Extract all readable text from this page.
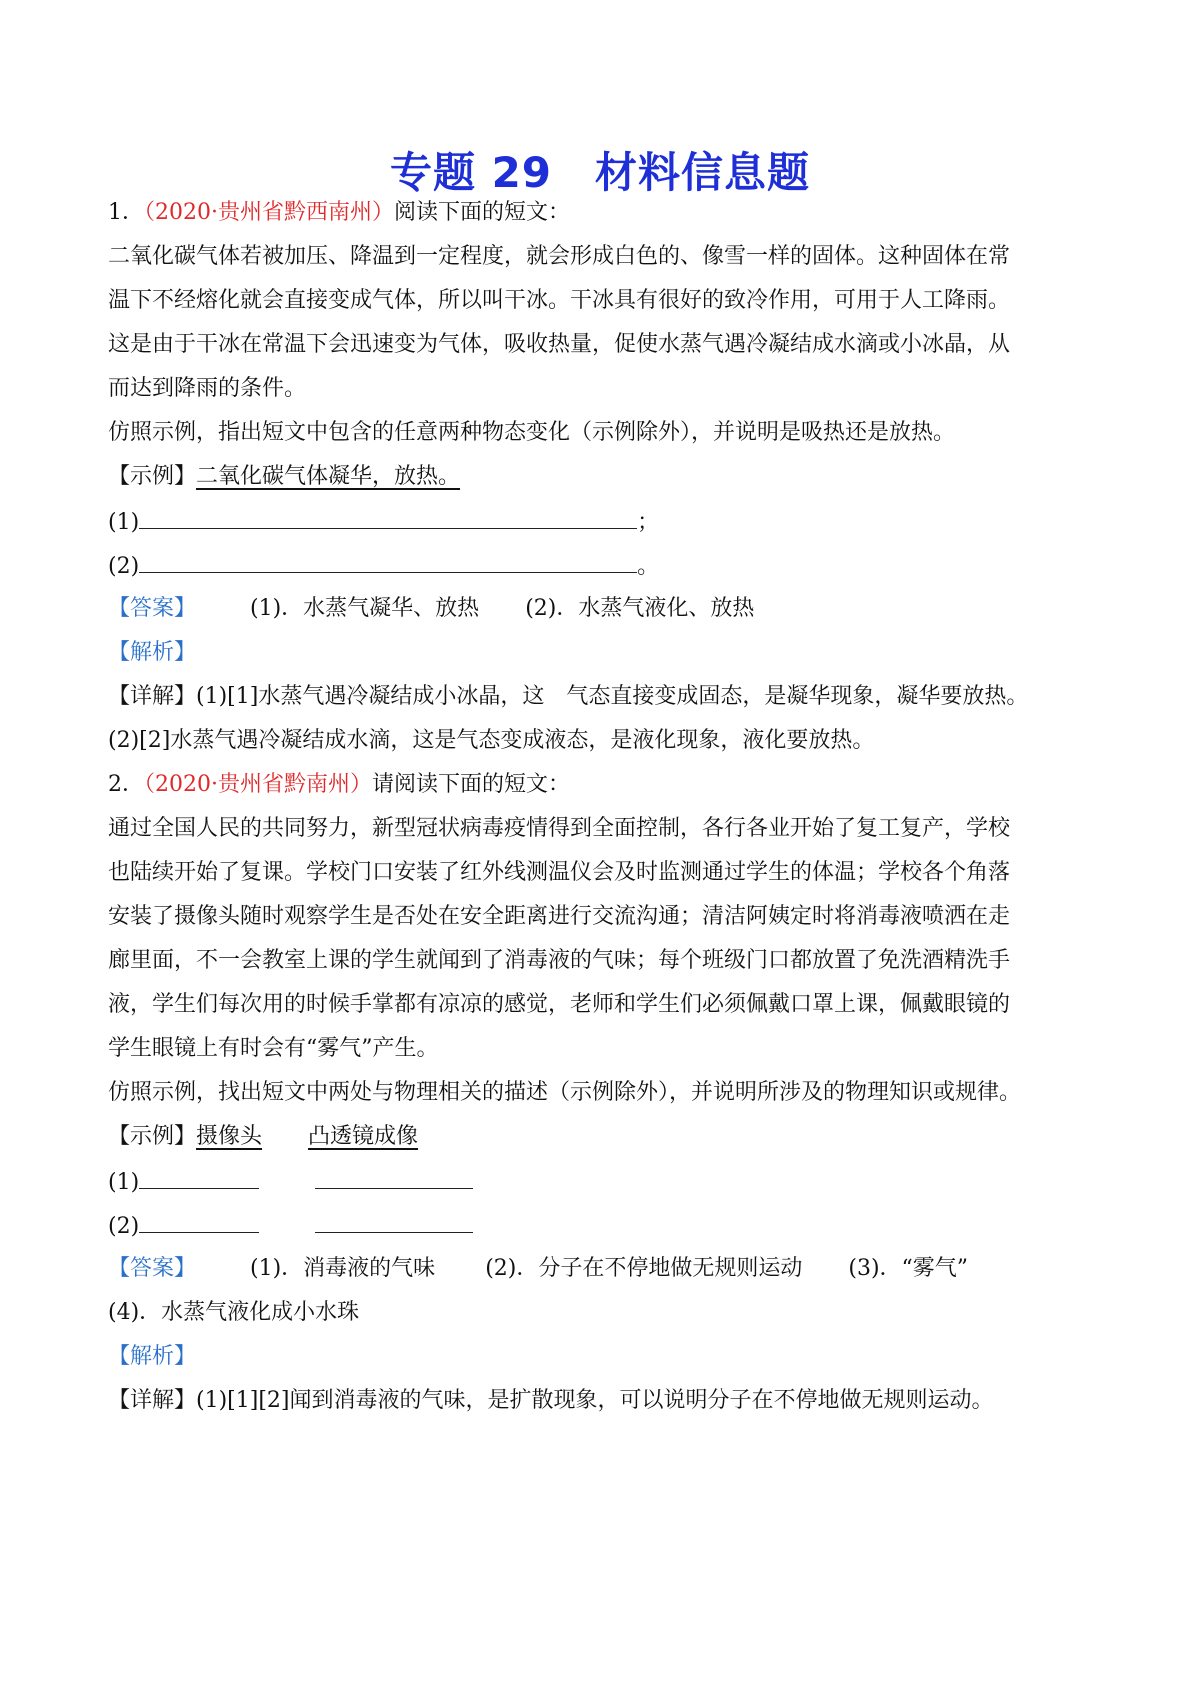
专题 29　材料信息题
1．（2020·贵州省黔西南州）阅读下面的短文：
二氧化碳气体若被加压、降温到一定程度，就会形成白色的、像雪一样的固体。这种固体在常
温下不经熔化就会直接变成气体，所以叫干冰。干冰具有很好的致冷作用，可用于人工降雨。
这是由于干冰在常温下会迅速变为气体，吸收热量，促使水蒸气遇冷凝结成水滴或小冰晶，从
而达到降雨的条件。
仿照示例，指出短文中包含的任意两种物态变化（示例除外），并说明是吸热还是放热。
【示例】二氧化碳气体凝华，放热。
(1)	；
(2)	。
【答案】 (1)．水蒸气凝华、放热 (2)．水蒸气液化、放热
【解析】
【详解】(1)[1]水蒸气遇冷凝结成小冰晶，这　气态直接变成固态，是凝华现象，凝华要放热。
(2)[2]水蒸气遇冷凝结成水滴，这是气态变成液态，是液化现象，液化要放热。
2．（2020·贵州省黔南州）请阅读下面的短文：
通过全国人民的共同努力，新型冠状病毒疫情得到全面控制，各行各业开始了复工复产，学校
也陆续开始了复课。学校门口安装了红外线测温仪会及时监测通过学生的体温；学校各个角落
安装了摄像头随时观察学生是否处在安全距离进行交流沟通；清洁阿姨定时将消毒液喷洒在走
廊里面，不一会教室上课的学生就闻到了消毒液的气味；每个班级门口都放置了免洗酒精洗手
液，学生们每次用的时候手掌都有凉凉的感觉，老师和学生们必须佩戴口罩上课，佩戴眼镜的
学生眼镜上有时会有“雾气”产生。
仿照示例，找出短文中两处与物理相关的描述（示例除外），并说明所涉及的物理知识或规律。
【示例】摄像头 凸透镜成像
(1)
(2)
【答案】 (1)．消毒液的气味 (2)．分子在不停地做无规则运动 (3)．“雾气”
(4)．水蒸气液化成小水珠
【解析】
【详解】(1)[1][2]闻到消毒液的气味，是扩散现象，可以说明分子在不停地做无规则运动。
